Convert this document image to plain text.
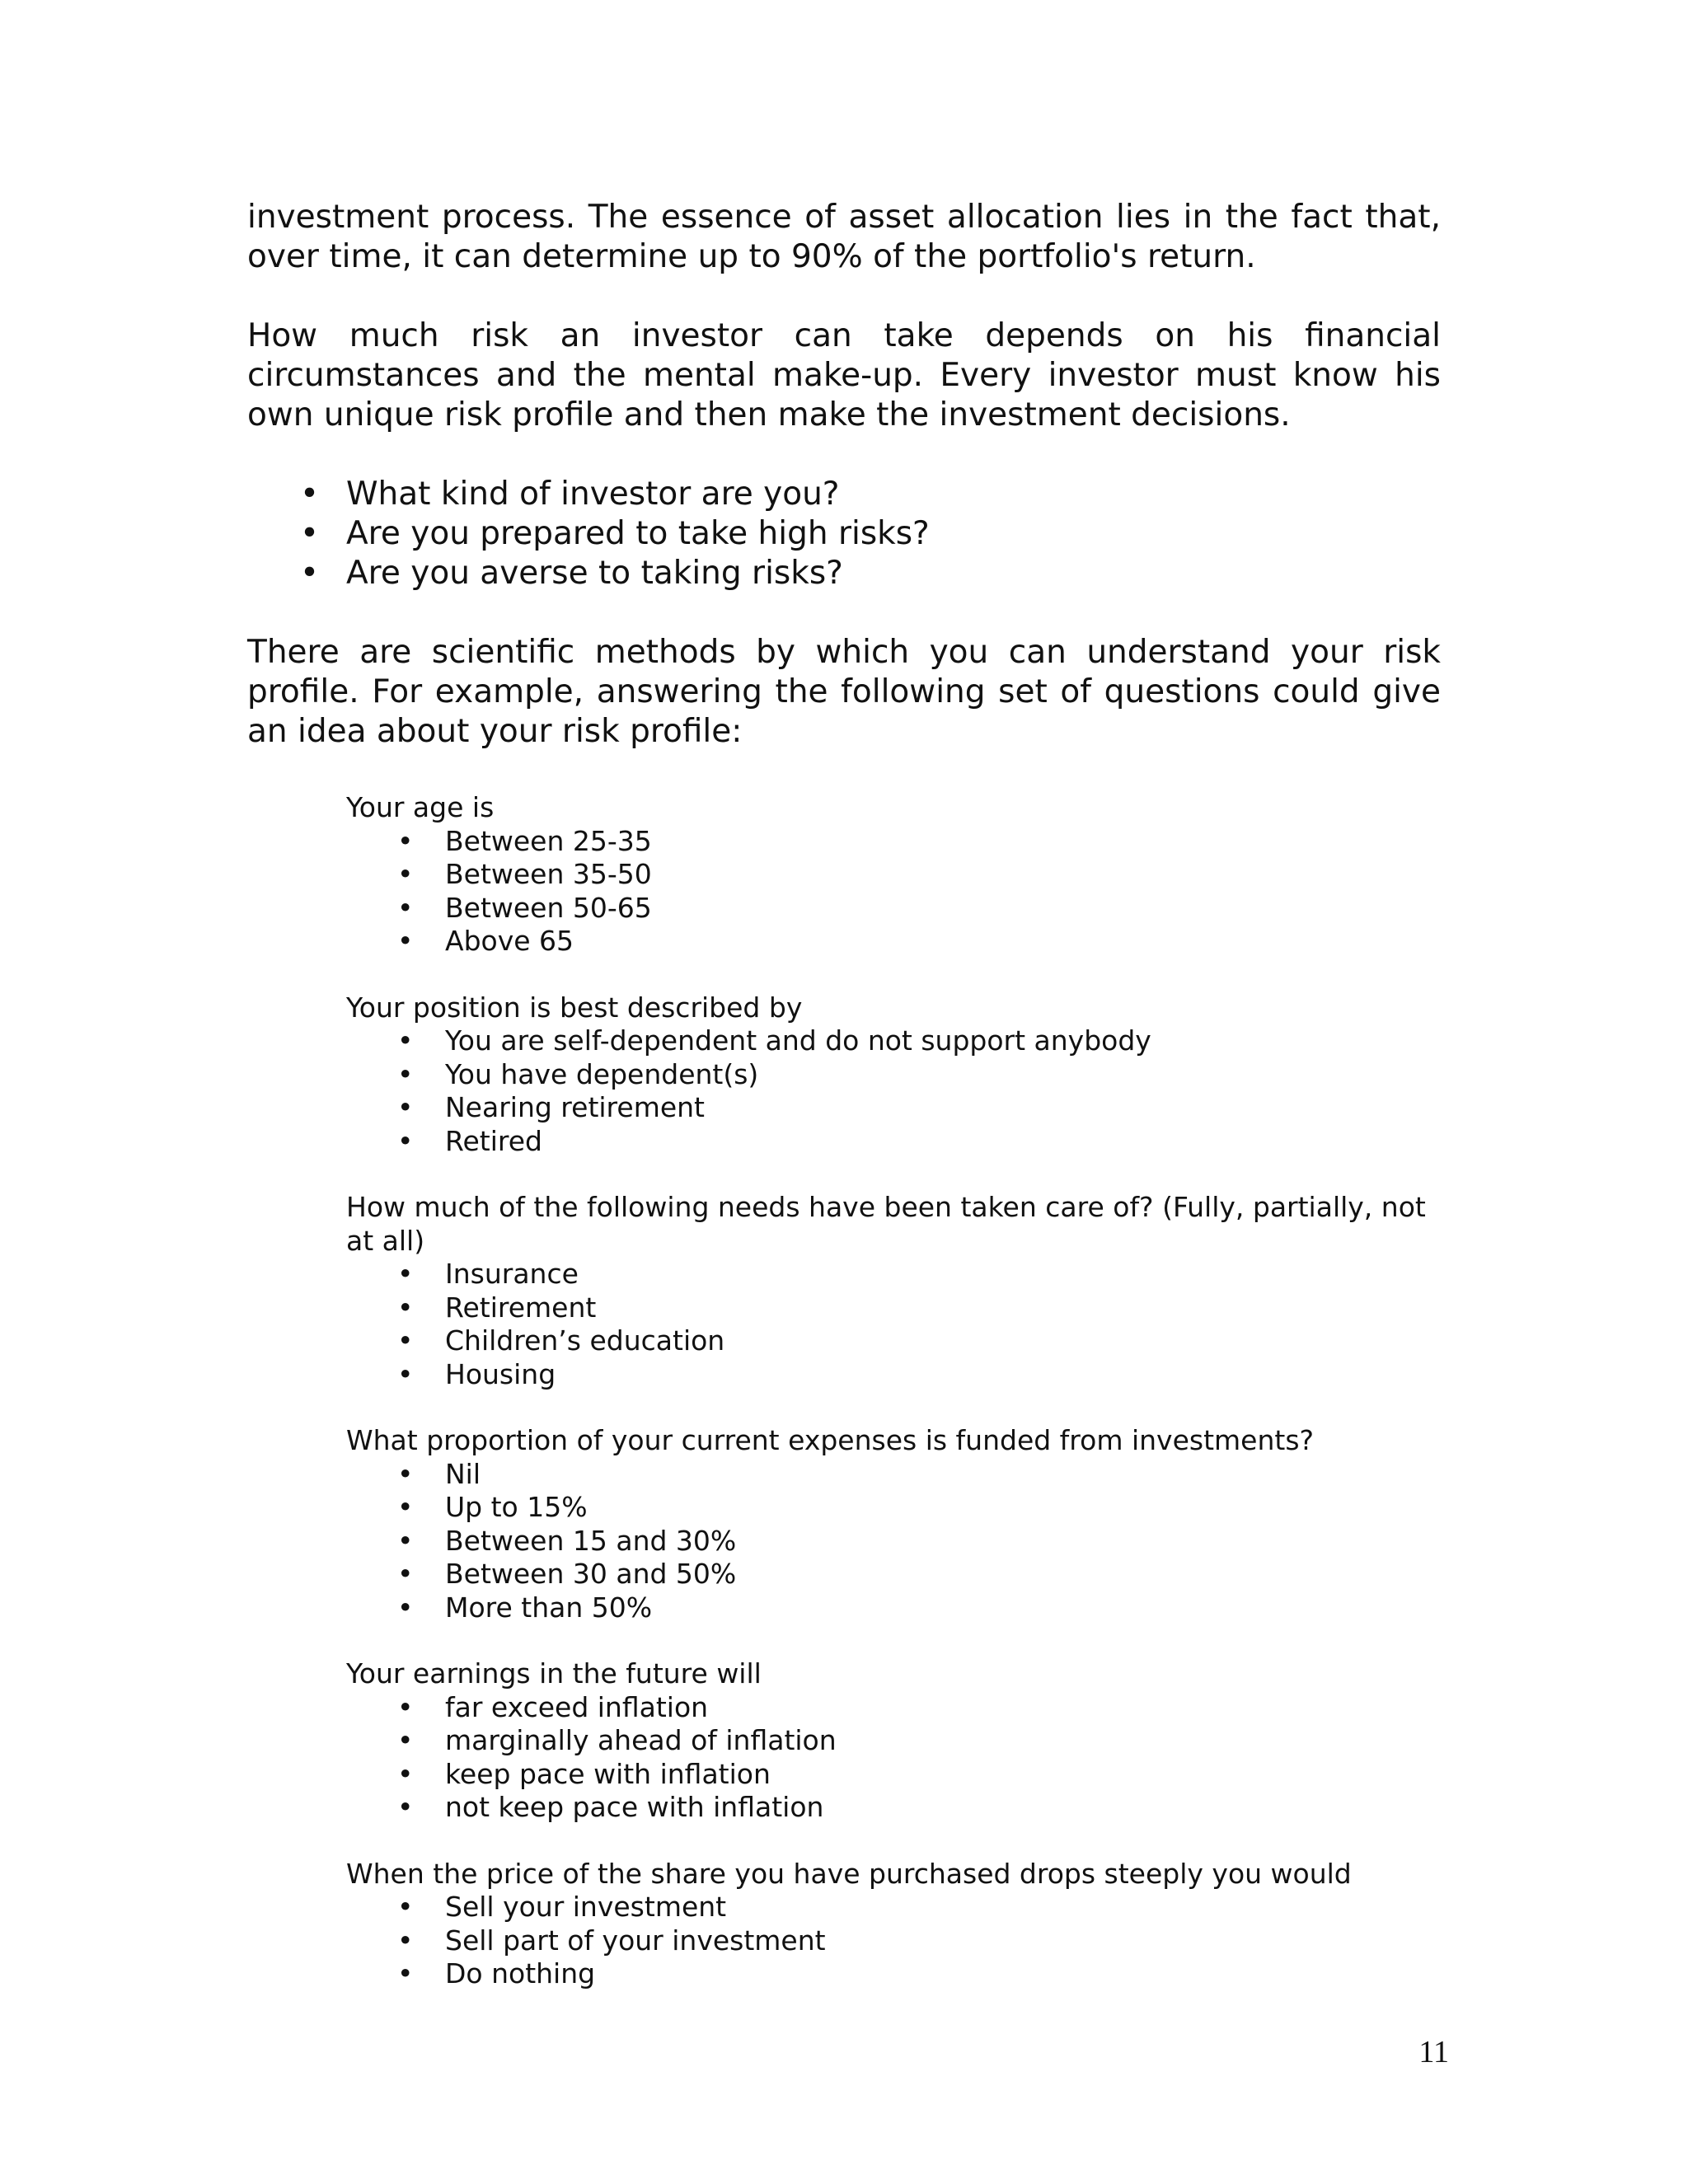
investment process. The essence of asset allocation lies in the fact that, over time, it can determine up to 90% of the portfolio's return.

How much risk an investor can take depends on his financial circumstances and the mental make-up. Every investor must know his own unique risk profile and then make the investment decisions.

• What kind of investor are you?
• Are you prepared to take high risks?
• Are you averse to taking risks?

There are scientific methods by which you can understand your risk profile. For example, answering the following set of questions could give an idea about your risk profile:

Your age is

• Between 25-35
• Between 35-50
• Between 50-65
• Above 65

Your position is best described by

• You are self-dependent and do not support anybody
• You have dependent(s)
• Nearing retirement
• Retired

How much of the following needs have been taken care of? (Fully, partially, not at all)

• Insurance
• Retirement
• Children’s education
• Housing

What proportion of your current expenses is funded from investments?

• Nil
• Up to 15%
• Between 15 and 30%
• Between 30 and 50%
• More than 50%

Your earnings in the future will

• far exceed inflation
• marginally ahead of inflation
• keep pace with inflation
• not keep pace with inflation

When the price of the share you have purchased drops steeply you would

• Sell your investment
• Sell part of your investment
• Do nothing
11
